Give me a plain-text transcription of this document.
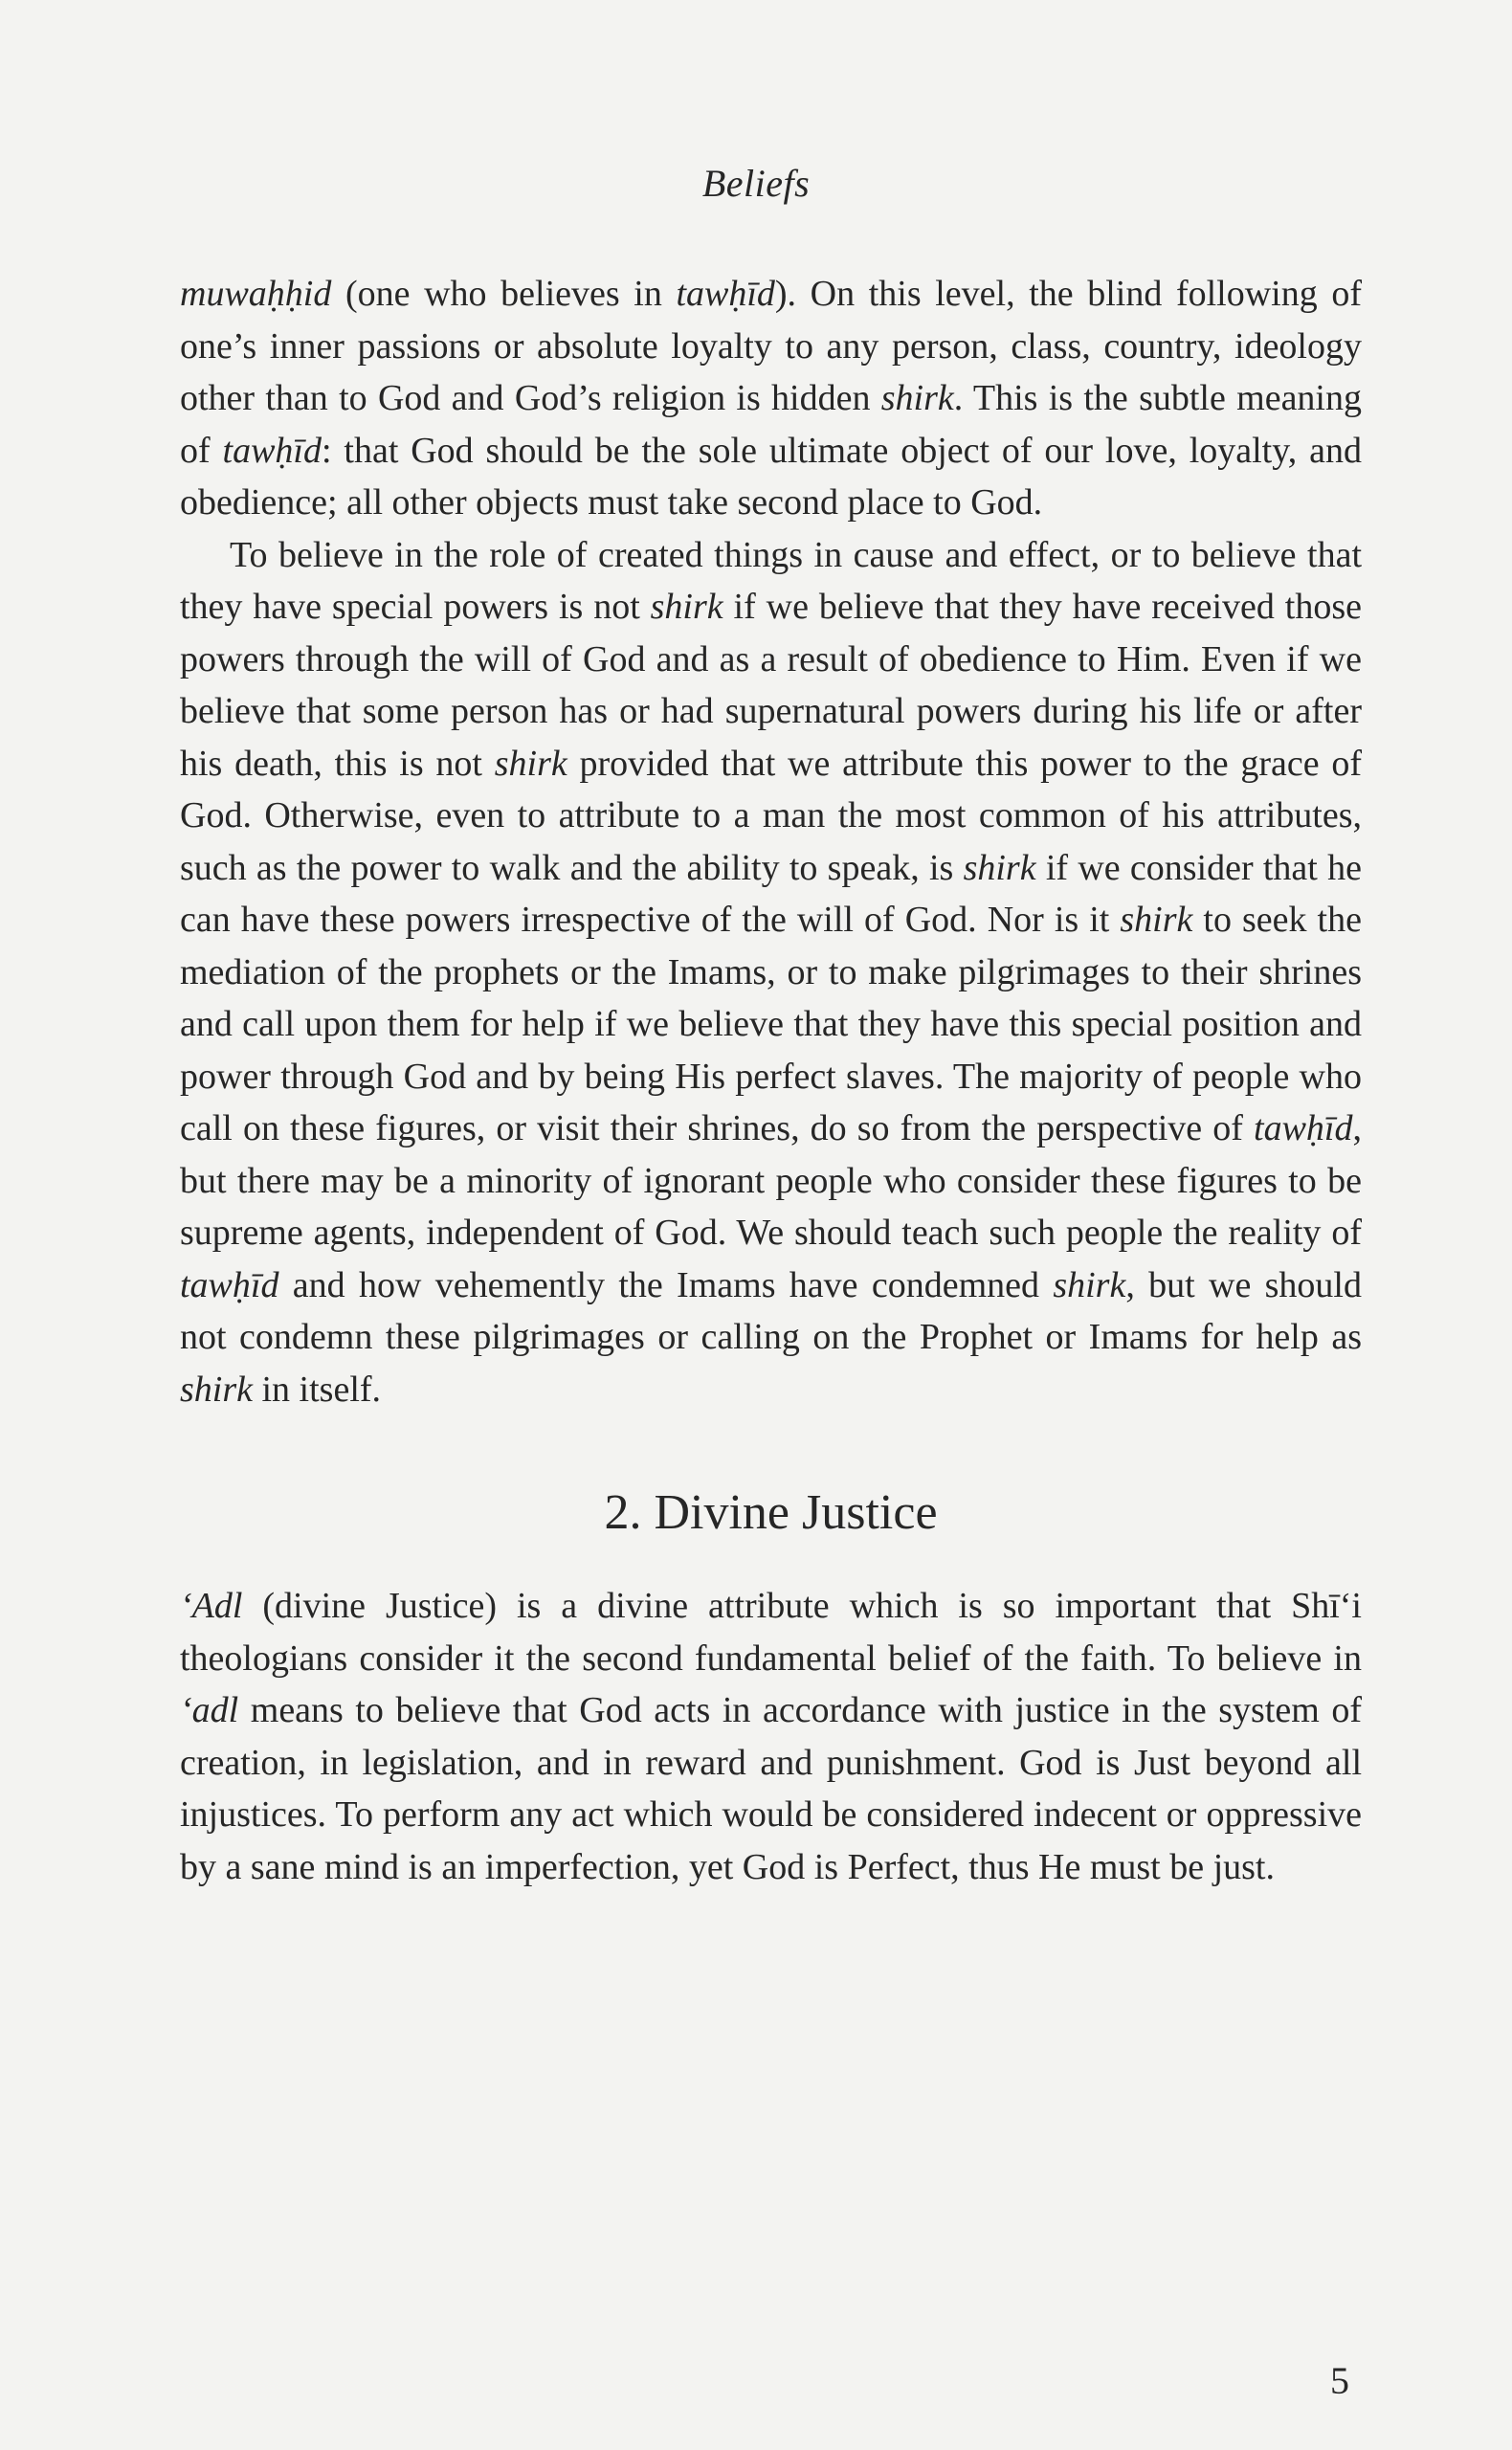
Beliefs

muwaḥḥid (one who believes in tawḥīd). On this level, the blind following of one’s inner passions or absolute loyalty to any person, class, country, ideology other than to God and God’s religion is hidden shirk. This is the subtle meaning of tawḥīd: that God should be the sole ultimate object of our love, loyalty, and obedience; all other objects must take second place to God.

To believe in the role of created things in cause and effect, or to believe that they have special powers is not shirk if we believe that they have received those powers through the will of God and as a result of obedience to Him. Even if we believe that some person has or had supernatural powers during his life or after his death, this is not shirk provided that we attribute this power to the grace of God. Otherwise, even to attribute to a man the most common of his attributes, such as the power to walk and the ability to speak, is shirk if we consider that he can have these powers irrespective of the will of God. Nor is it shirk to seek the mediation of the prophets or the Imams, or to make pilgrimages to their shrines and call upon them for help if we believe that they have this special position and power through God and by being His perfect slaves. The majority of people who call on these figures, or visit their shrines, do so from the perspective of tawḥīd, but there may be a minority of ignorant people who consider these figures to be supreme agents, independent of God. We should teach such people the reality of tawḥīd and how vehemently the Imams have condemned shirk, but we should not condemn these pilgrimages or calling on the Prophet or Imams for help as shirk in itself.

2. Divine Justice

‘Adl (divine Justice) is a divine attribute which is so important that Shī‘i theologians consider it the second fundamental belief of the faith. To believe in ‘adl means to believe that God acts in accordance with justice in the system of creation, in legislation, and in reward and punishment. God is Just beyond all injustices. To perform any act which would be considered indecent or oppressive by a sane mind is an imperfection, yet God is Perfect, thus He must be just.

5
